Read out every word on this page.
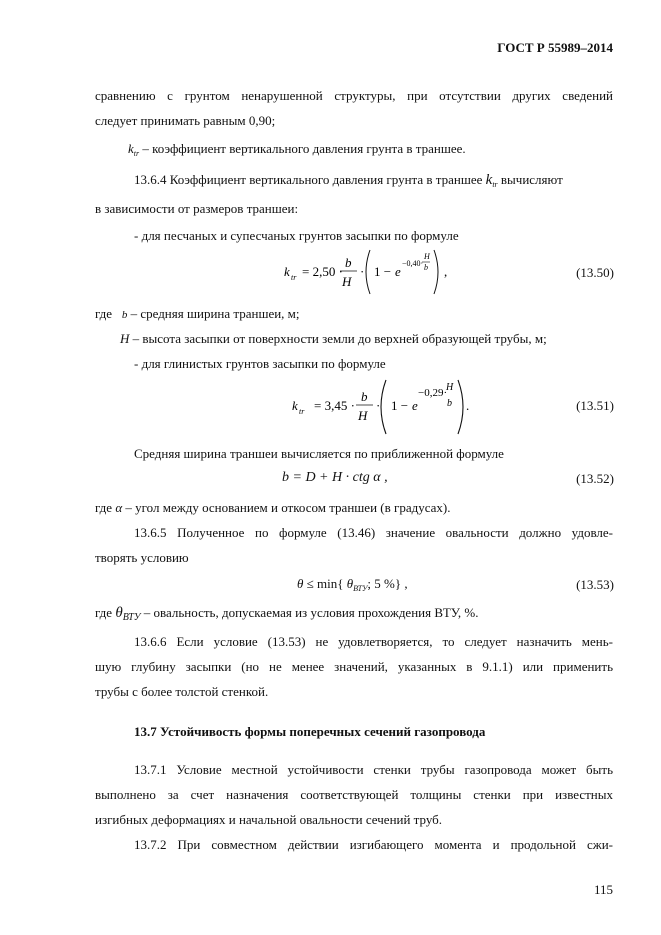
ГОСТ Р 55989–2014
сравнению с грунтом ненарушенной структуры, при отсутствии других сведений
следует принимать равным 0,90;
$k_{tr}$ – коэффициент вертикального давления грунта в траншее.
13.6.4 Коэффициент вертикального давления грунта в траншее $k_{tr}$ вычисляют
в зависимости от размеров траншеи:
- для песчаных и супесчаных грунтов засыпки по формуле
k tr = 2,50 ·
b
H
· 1 − e
−0,40·
H
b ,	(13.50)
где   b – средняя ширина траншеи, м;
H – высота засыпки от поверхности земли до верхней образующей трубы, м;
- для глинистых грунтов засыпки по формуле
k tr = 3,45 ·
b
H
· 1 − e
−0,29·
H
b .	(13.51)
Средняя ширина траншеи вычисляется по приближенной формуле
b = D + H · ctg α ,	(13.52)
где α – угол между основанием и откосом траншеи (в градусах).
13.6.5 Полученное по формуле (13.46) значение овальности должно удовле-
творять условию
θ ≤ min{ $\theta_{ВТУ}$; 5 %} ,	(13.53)
где $\theta_{ВТУ}$ – овальность, допускаемая из условия прохождения ВТУ, %.
13.6.6 Если условие (13.53) не удовлетворяется, то следует назначить мень-
шую глубину засыпки (но не менее значений, указанных в 9.1.1) или применить
трубы с более толстой стенкой.
13.7 Устойчивость формы поперечных сечений газопровода
13.7.1 Условие местной устойчивости стенки трубы газопровода может быть
выполнено за счет назначения соответствующей толщины стенки при известных
изгибных деформациях и начальной овальности сечений труб.
13.7.2 При совместном действии изгибающего момента и продольной сжи-
115
